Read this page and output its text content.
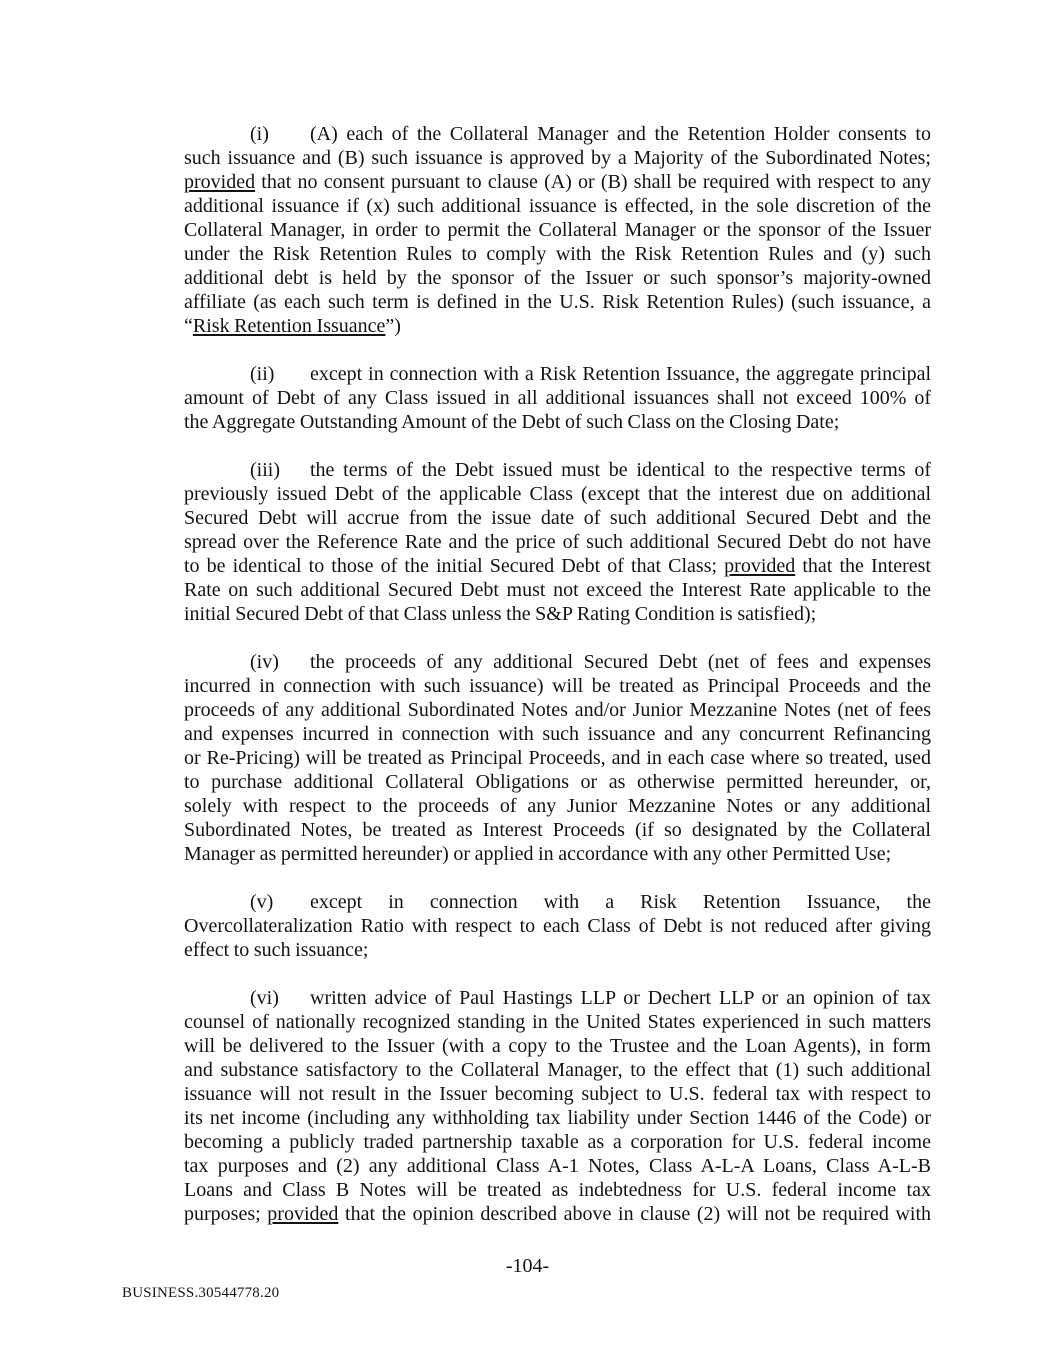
(i) (A) each of the Collateral Manager and the Retention Holder consents to
such issuance and (B) such issuance is approved by a Majority of the Subordinated Notes;
provided that no consent pursuant to clause (A) or (B) shall be required with respect to any
additional issuance if (x) such additional issuance is effected, in the sole discretion of the
Collateral Manager, in order to permit the Collateral Manager or the sponsor of the Issuer
under the Risk Retention Rules to comply with the Risk Retention Rules and (y) such
additional debt is held by the sponsor of the Issuer or such sponsor’s majority-owned
affiliate (as each such term is defined in the U.S. Risk Retention Rules) (such issuance, a
“Risk Retention Issuance”)
(ii) except in connection with a Risk Retention Issuance, the aggregate principal
amount of Debt of any Class issued in all additional issuances shall not exceed 100% of
the Aggregate Outstanding Amount of the Debt of such Class on the Closing Date;
(iii) the terms of the Debt issued must be identical to the respective terms of
previously issued Debt of the applicable Class (except that the interest due on additional
Secured Debt will accrue from the issue date of such additional Secured Debt and the
spread over the Reference Rate and the price of such additional Secured Debt do not have
to be identical to those of the initial Secured Debt of that Class; provided that the Interest
Rate on such additional Secured Debt must not exceed the Interest Rate applicable to the
initial Secured Debt of that Class unless the S&P Rating Condition is satisfied);
(iv) the proceeds of any additional Secured Debt (net of fees and expenses
incurred in connection with such issuance) will be treated as Principal Proceeds and the
proceeds of any additional Subordinated Notes and/or Junior Mezzanine Notes (net of fees
and expenses incurred in connection with such issuance and any concurrent Refinancing
or Re-Pricing) will be treated as Principal Proceeds, and in each case where so treated, used
to purchase additional Collateral Obligations or as otherwise permitted hereunder, or,
solely with respect to the proceeds of any Junior Mezzanine Notes or any additional
Subordinated Notes, be treated as Interest Proceeds (if so designated by the Collateral
Manager as permitted hereunder) or applied in accordance with any other Permitted Use;
(v) except in connection with a Risk Retention Issuance, the
Overcollateralization Ratio with respect to each Class of Debt is not reduced after giving
effect to such issuance;
(vi) written advice of Paul Hastings LLP or Dechert LLP or an opinion of tax
counsel of nationally recognized standing in the United States experienced in such matters
will be delivered to the Issuer (with a copy to the Trustee and the Loan Agents), in form
and substance satisfactory to the Collateral Manager, to the effect that (1) such additional
issuance will not result in the Issuer becoming subject to U.S. federal tax with respect to
its net income (including any withholding tax liability under Section 1446 of the Code) or
becoming a publicly traded partnership taxable as a corporation for U.S. federal income
tax purposes and (2) any additional Class A-1 Notes, Class A-L-A Loans, Class A-L-B
Loans and Class B Notes will be treated as indebtedness for U.S. federal income tax
purposes; provided that the opinion described above in clause (2) will not be required with
-104-
BUSINESS.30544778.20
